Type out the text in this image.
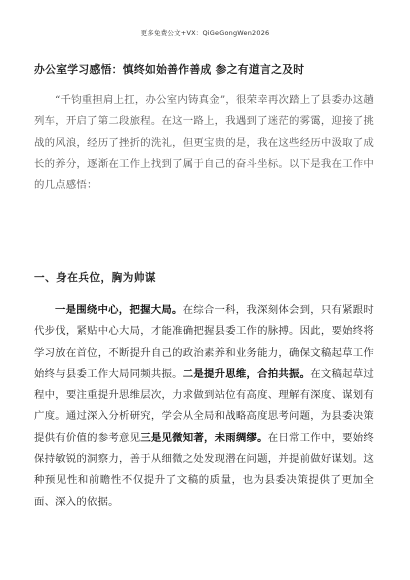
更多免费公文+VX：QiGeGongWen2026
办公室学习感悟：慎终如始善作善成 参之有道言之及时
“千钧重担肩上扛，办公室内铸真金”，很荣幸再次踏上了县委办这趟列车，开启了第二段旅程。在这一路上，我遇到了迷茫的雾霭，迎接了挑战的风浪，经历了挫折的洗礼，但更宝贵的是，我在这些经历中汲取了成长的养分，逐渐在工作上找到了属于自己的奋斗坐标。以下是我在工作中的几点感悟：
一、身在兵位，胸为帅谋
一是围绕中心，把握大局。在综合一科，我深刻体会到，只有紧跟时代步伐，紧贴中心大局，才能准确把握县委工作的脉搏。因此，要始终将学习放在首位，不断提升自己的政治素养和业务能力，确保文稿起草工作始终与县委工作大局同频共振。二是提升思维，合拍共振。在文稿起草过程中，要注重提升思维层次，力求做到站位有高度、理解有深度、谋划有广度。通过深入分析研究，学会从全局和战略高度思考问题，为县委决策提供有价值的参考意见三是见微知著，未雨绸缪。在日常工作中，要始终保持敏锐的洞察力，善于从细微之处发现潜在问题，并提前做好谋划。这种预见性和前瞻性不仅提升了文稿的质量，也为县委决策提供了更加全面、深入的依据。
